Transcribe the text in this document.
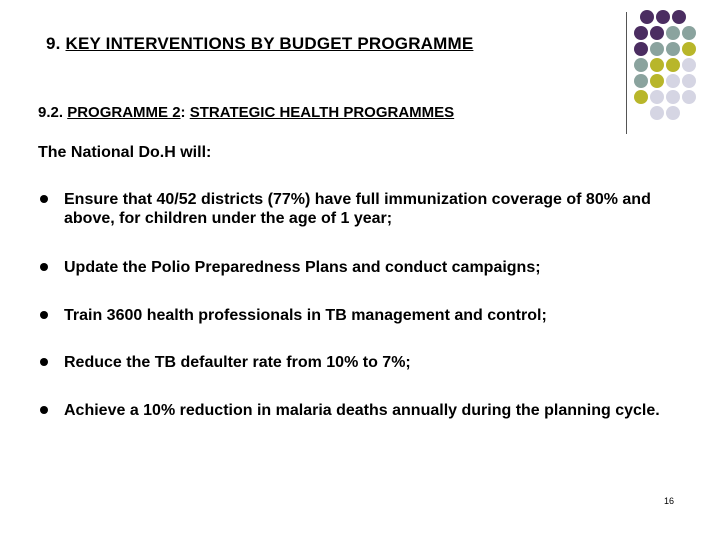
9. KEY INTERVENTIONS BY BUDGET PROGRAMME
9.2. PROGRAMME 2: STRATEGIC HEALTH PROGRAMMES
The National Do.H will:
Ensure that 40/52 districts (77%) have full immunization coverage of 80% and above, for children under the age of 1 year;
Update the Polio Preparedness Plans and conduct campaigns;
Train 3600 health professionals in TB management and control;
Reduce the TB defaulter rate from 10% to 7%;
Achieve a 10% reduction in malaria deaths annually during the planning cycle.
16
